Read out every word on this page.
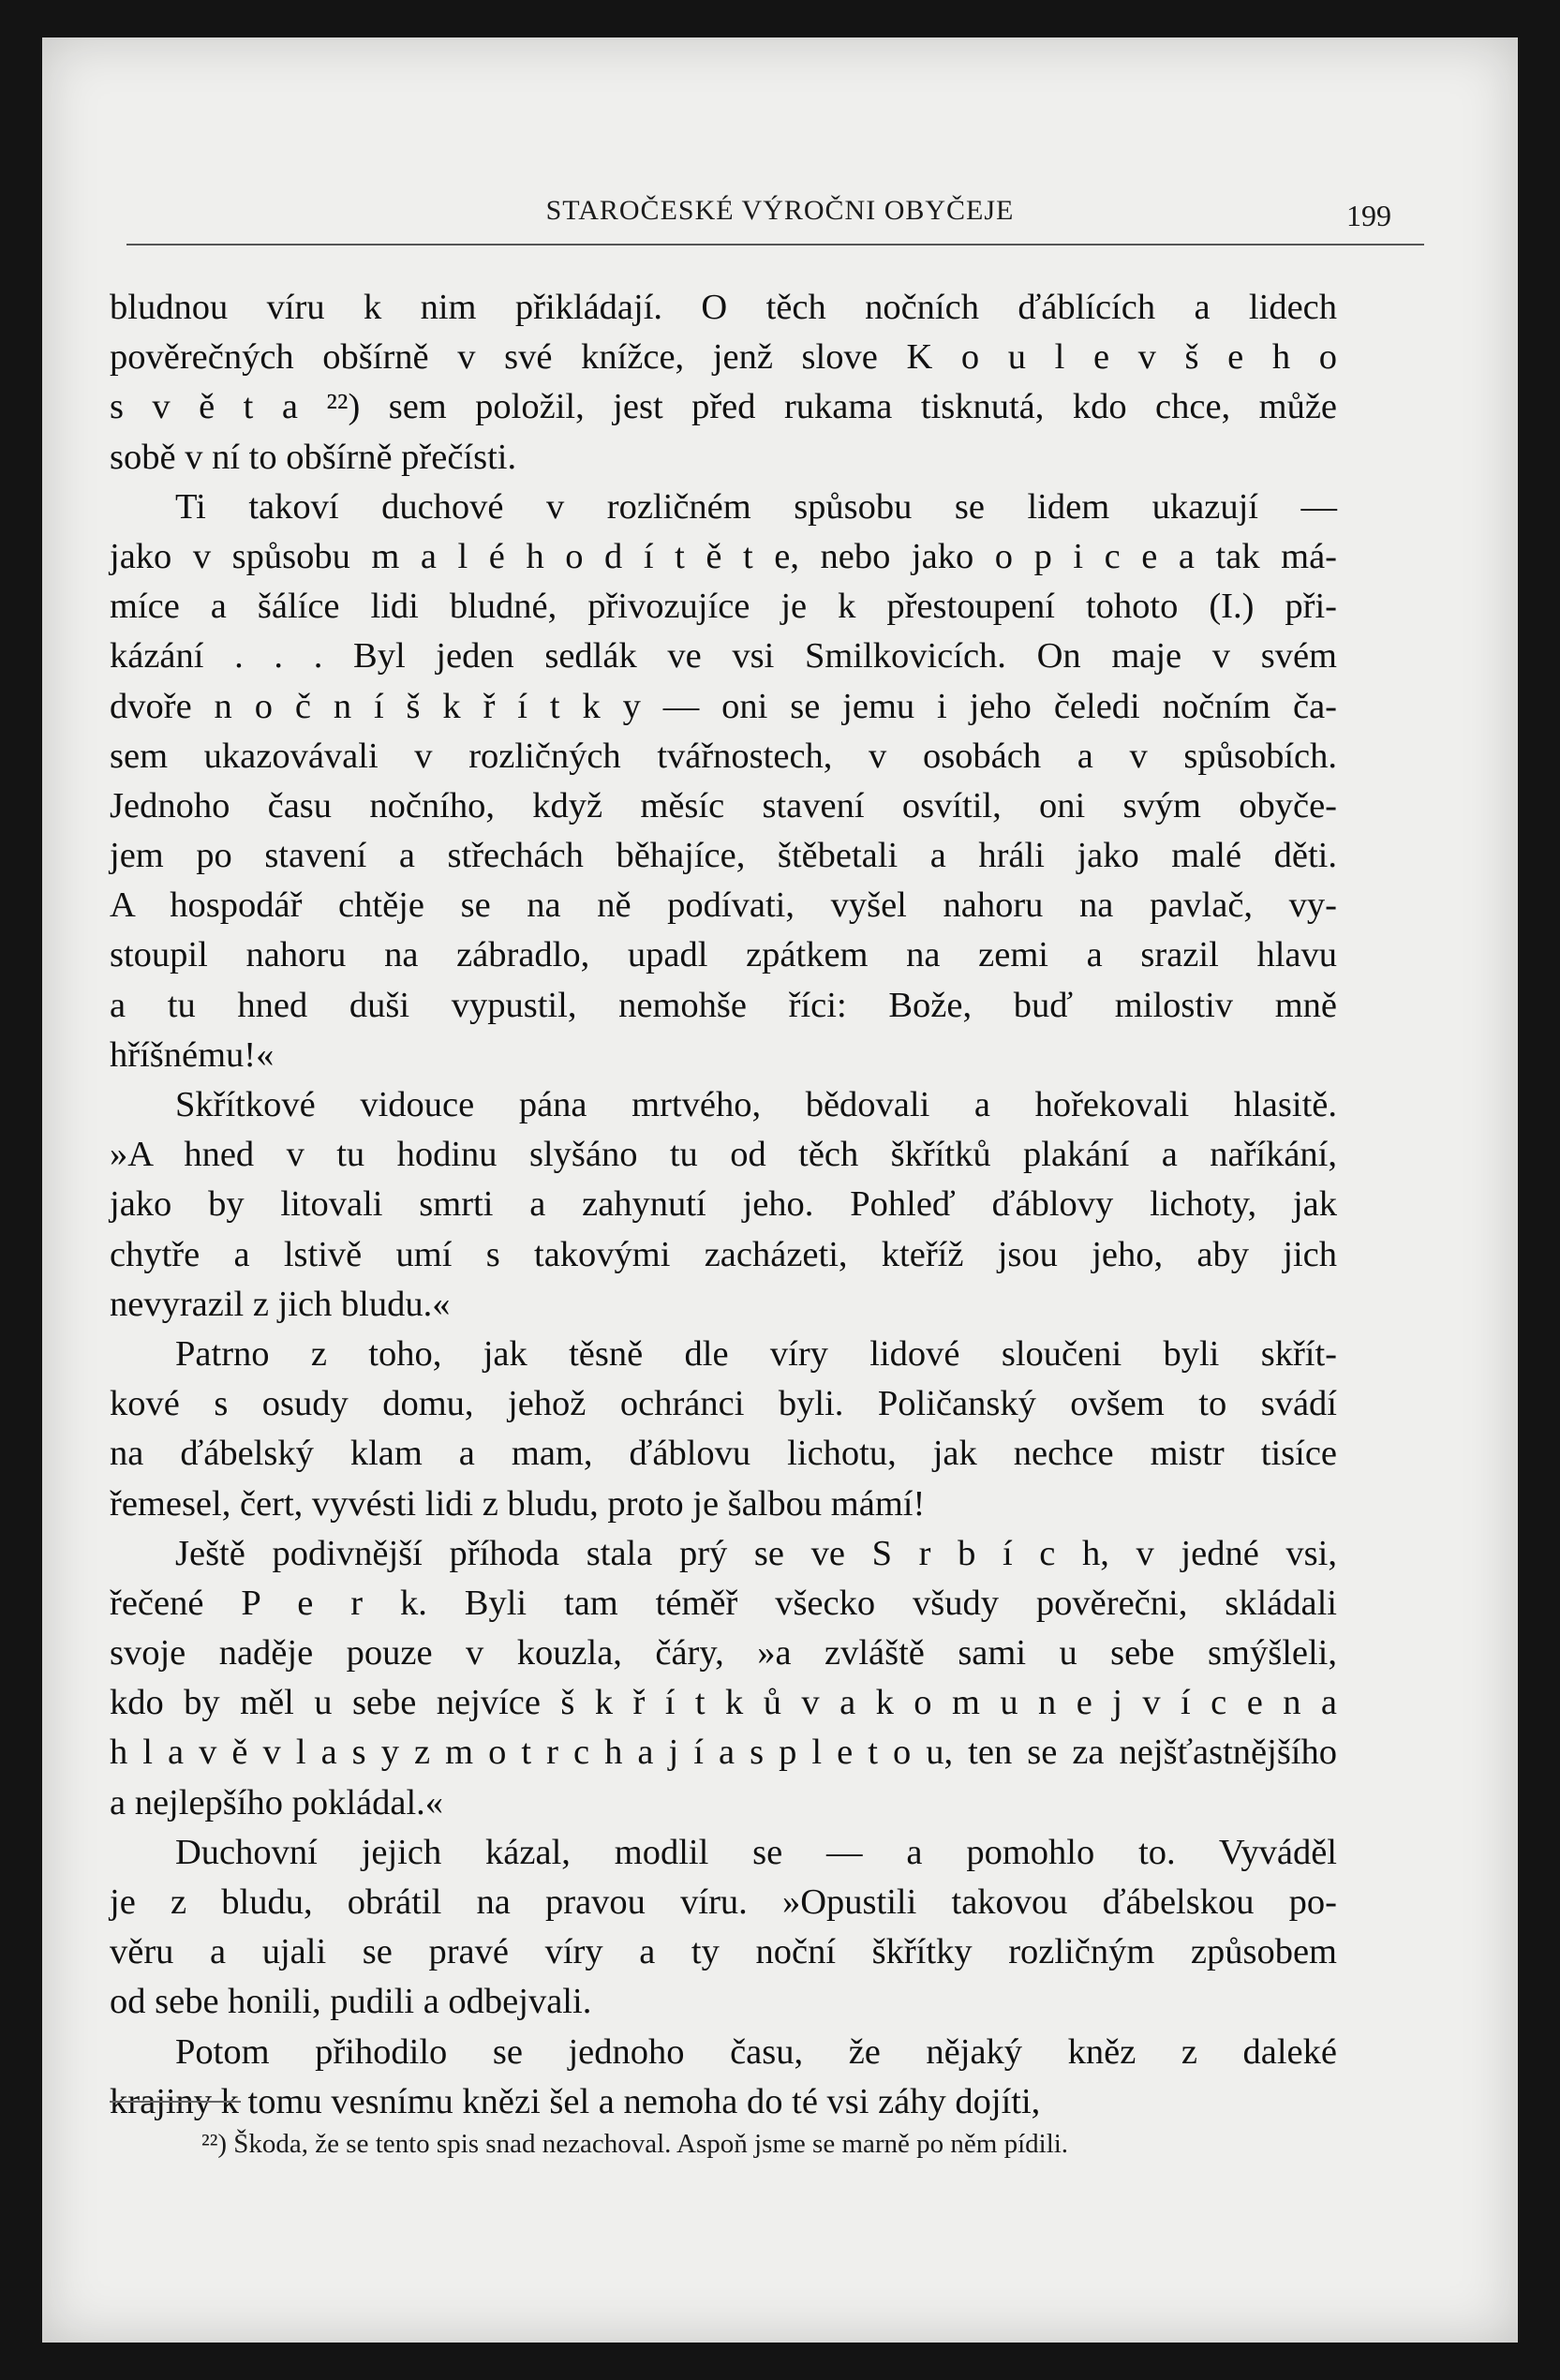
STAROČESKÉ VÝROČNI OBYČEJE	199
bludnou víru k nim přikládají. O těch nočních ďáblících a lidech
pověrečných obšírně v své knížce, jenž slove K o u l e v š e h o
s v ě t a ²²) sem položil, jest před rukama tisknutá, kdo chce, může
sobě v ní to obšírně přečísti.
Ti takoví duchové v rozličném spůsobu se lidem ukazují —
jako v spůsobu m a l é h o d í t ě t e, nebo jako o p i c e a tak má-
míce a šálíce lidi bludné, přivozujíce je k přestoupení tohoto (I.) při-
kázání . . . Byl jeden sedlák ve vsi Smilkovicích. On maje v svém
dvoře n o č n í š k ř í t k y — oni se jemu i jeho čeledi nočním ča-
sem ukazovávali v rozličných tvářnostech, v osobách a v spůsobích.
Jednoho času nočního, když měsíc stavení osvítil, oni svým obyče-
jem po stavení a střechách běhajíce, štěbetali a hráli jako malé děti.
A hospodář chtěje se na ně podívati, vyšel nahoru na pavlač, vy-
stoupil nahoru na zábradlo, upadl zpátkem na zemi a srazil hlavu
a tu hned duši vypustil, nemohše říci: Bože, buď milostiv mně
hříšnému!«
Skřítkové vidouce pána mrtvého, bědovali a hořekovali hlasitě.
»A hned v tu hodinu slyšáno tu od těch škřítků plakání a naříkání,
jako by litovali smrti a zahynutí jeho. Pohleď ďáblovy lichoty, jak
chytře a lstivě umí s takovými zacházeti, kteříž jsou jeho, aby jich
nevyrazil z jich bludu.«
Patrno z toho, jak těsně dle víry lidové sloučeni byli skřít-
kové s osudy domu, jehož ochránci byli. Poličanský ovšem to svádí
na ďábelský klam a mam, ďáblovu lichotu, jak nechce mistr tisíce
řemesel, čert, vyvésti lidi z bludu, proto je šalbou mámí!
Ještě podivnější příhoda stala prý se ve S r b í c h, v jedné vsi,
řečené P e r k. Byli tam téměř všecko všudy pověrečni, skládali
svoje naděje pouze v kouzla, čáry, »a zvláště sami u sebe smýšleli,
kdo by měl u sebe nejvíce š k ř í t k ů v a k o m u n e j v í c e n a
h l a v ě v l a s y z m o t r c h a j í a s p l e t o u, ten se za nejšťastnějšího
a nejlepšího pokládal.«
Duchovní jejich kázal, modlil se — a pomohlo to. Vyváděl
je z bludu, obrátil na pravou víru. »Opustili takovou ďábelskou po-
věru a ujali se pravé víry a ty noční škřítky rozličným způsobem
od sebe honili, pudili a odbejvali.
Potom přihodilo se jednoho času, že nějaký kněz z daleké
krajiny k tomu vesnímu knězi šel a nemoha do té vsi záhy dojíti,
²²) Škoda, že se tento spis snad nezachoval. Aspoň jsme se marně po něm pídili.
